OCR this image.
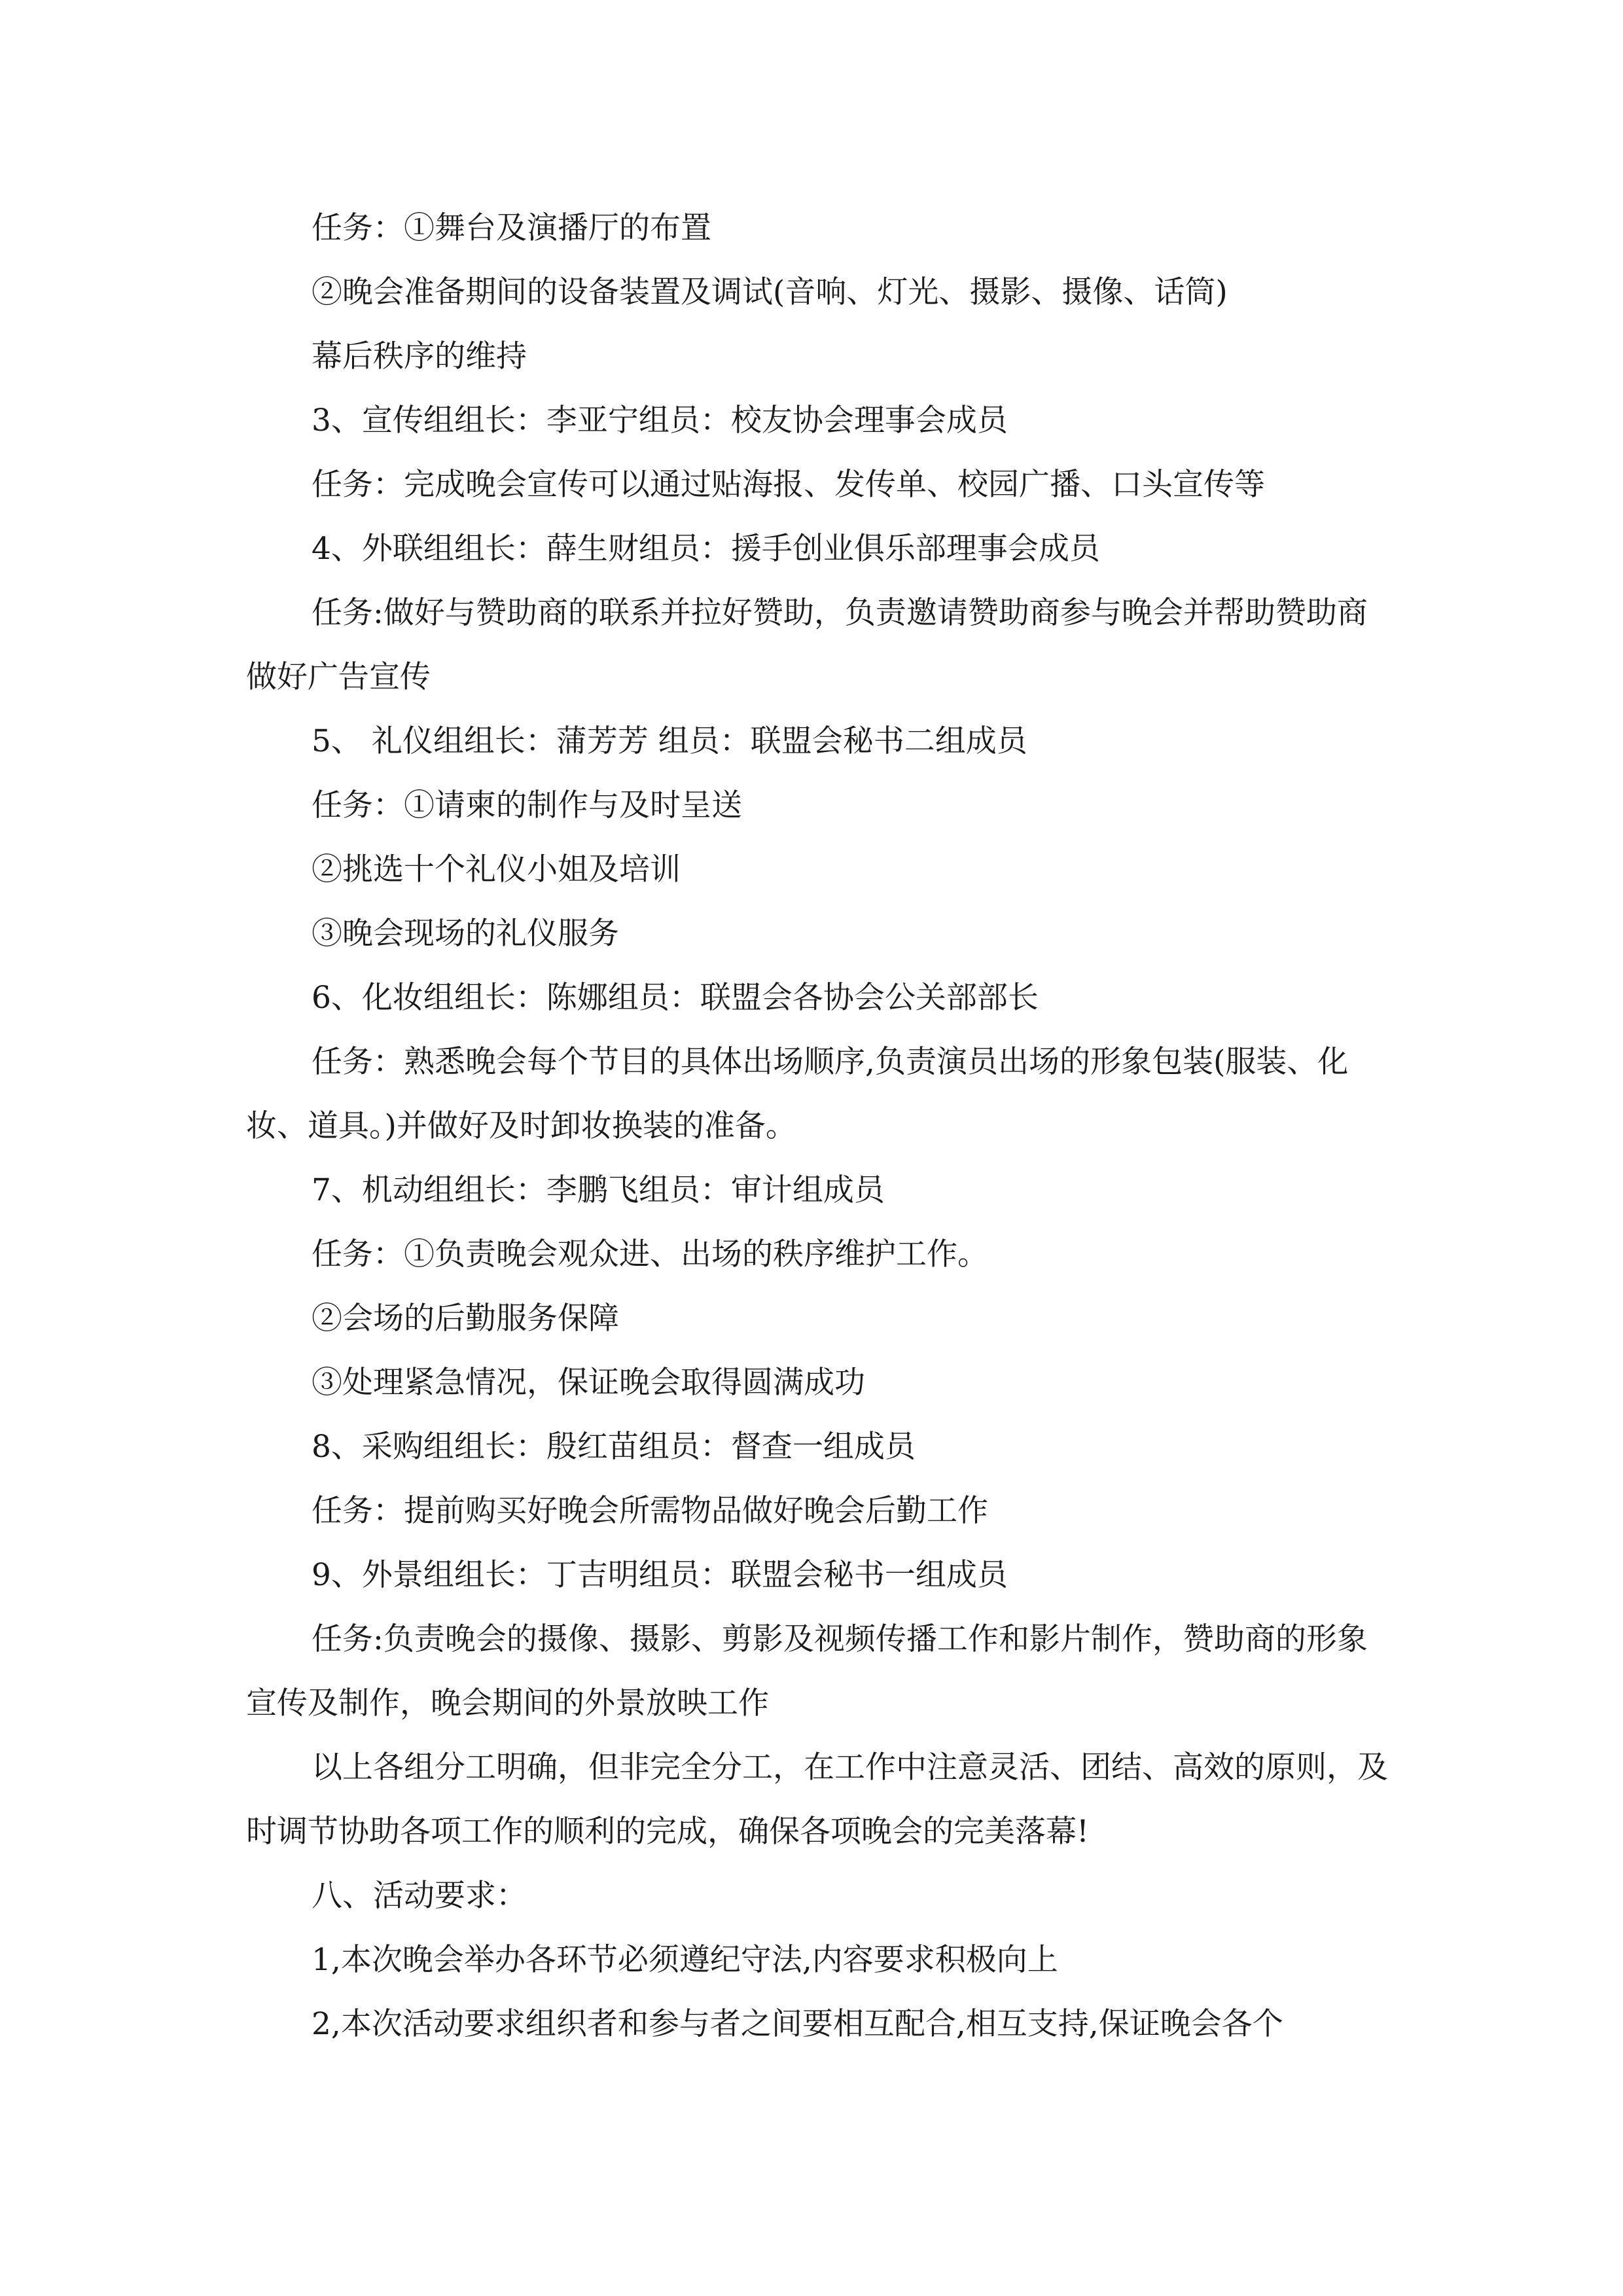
任务：①舞台及演播厅的布置

②晚会准备期间的设备装置及调试(音响、灯光、摄影、摄像、话筒)

幕后秩序的维持

3、宣传组组长：李亚宁组员：校友协会理事会成员

任务：完成晚会宣传可以通过贴海报、发传单、校园广播、口头宣传等

4、外联组组长：薛生财组员：援手创业俱乐部理事会成员

任务:做好与赞助商的联系并拉好赞助，负责邀请赞助商参与晚会并帮助赞助商做好广告宣传

5、 礼仪组组长：蒲芳芳 组员：联盟会秘书二组成员

任务：①请柬的制作与及时呈送

②挑选十个礼仪小姐及培训

③晚会现场的礼仪服务

6、化妆组组长：陈娜组员：联盟会各协会公关部部长

任务：熟悉晚会每个节目的具体出场顺序,负责演员出场的形象包装(服装、化妆、道具。)并做好及时卸妆换装的准备。

7、机动组组长：李鹏飞组员：审计组成员

任务：①负责晚会观众进、出场的秩序维护工作。

②会场的后勤服务保障

③处理紧急情况，保证晚会取得圆满成功

8、采购组组长：殷红苗组员：督查一组成员

任务：提前购买好晚会所需物品做好晚会后勤工作

9、外景组组长：丁吉明组员：联盟会秘书一组成员

任务:负责晚会的摄像、摄影、剪影及视频传播工作和影片制作，赞助商的形象宣传及制作，晚会期间的外景放映工作

以上各组分工明确，但非完全分工，在工作中注意灵活、团结、高效的原则，及时调节协助各项工作的顺利的完成，确保各项晚会的完美落幕!

八、活动要求：

1,本次晚会举办各环节必须遵纪守法,内容要求积极向上

2,本次活动要求组织者和参与者之间要相互配合,相互支持,保证晚会各个
